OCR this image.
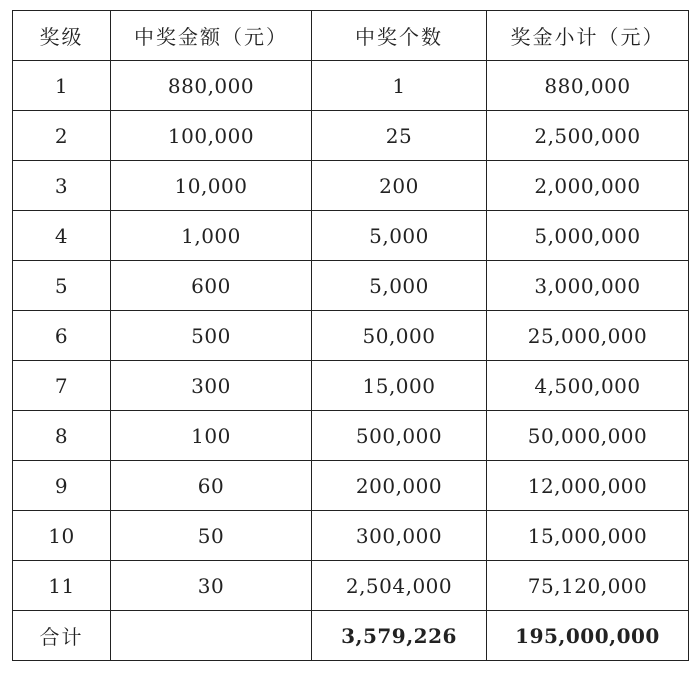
奖级	中奖金额（元）	中奖个数	奖金小计（元）
1	880,000	1	880,000
2	100,000	25	2,500,000
3	10,000	200	2,000,000
4	1,000	5,000	5,000,000
5	600	5,000	3,000,000
6	500	50,000	25,000,000
7	300	15,000	4,500,000
8	100	500,000	50,000,000
9	60	200,000	12,000,000
10	50	300,000	15,000,000
11	30	2,504,000	75,120,000
合计		3,579,226	195,000,000
